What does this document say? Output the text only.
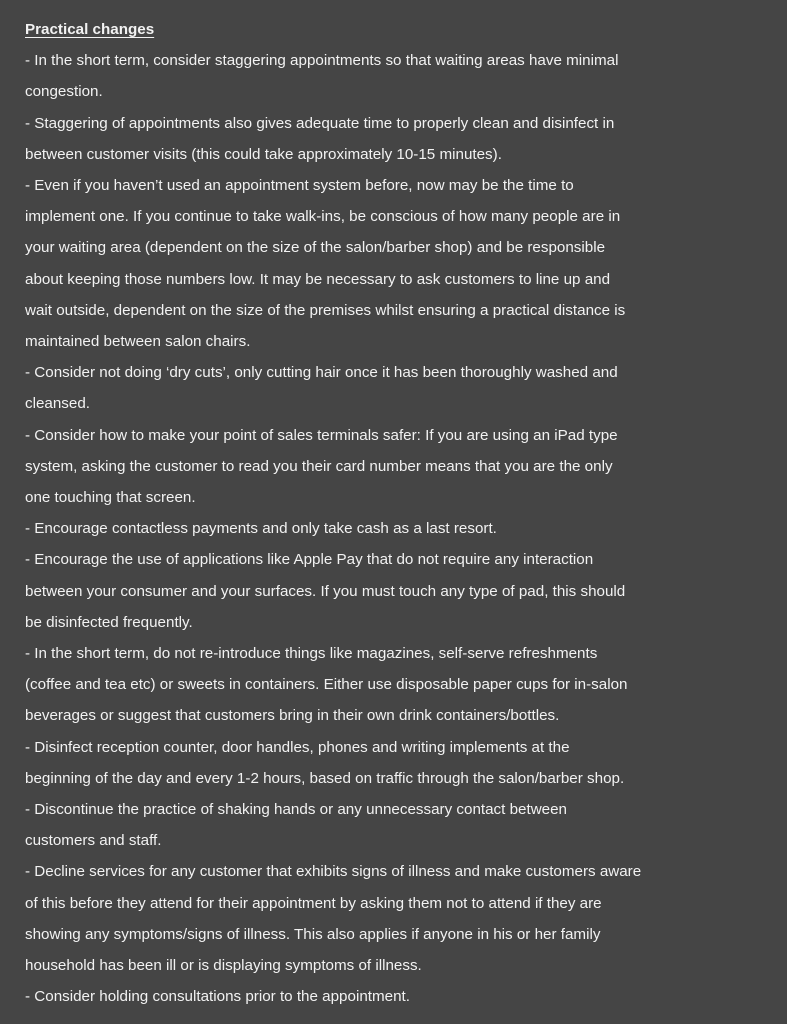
Practical changes
- In the short term, consider staggering appointments so that waiting areas have minimal
congestion.
- Staggering of appointments also gives adequate time to properly clean and disinfect in
between customer visits (this could take approximately 10-15 minutes).
- Even if you haven’t used an appointment system before, now may be the time to
implement one. If you continue to take walk-ins, be conscious of how many people are in
your waiting area (dependent on the size of the salon/barber shop) and be responsible
about keeping those numbers low. It may be necessary to ask customers to line up and
wait outside, dependent on the size of the premises whilst ensuring a practical distance is
maintained between salon chairs.
- Consider not doing ‘dry cuts’, only cutting hair once it has been thoroughly washed and
cleansed.
- Consider how to make your point of sales terminals safer: If you are using an iPad type
system, asking the customer to read you their card number means that you are the only
one touching that screen.
- Encourage contactless payments and only take cash as a last resort.
- Encourage the use of applications like Apple Pay that do not require any interaction
between your consumer and your surfaces. If you must touch any type of pad, this should
be disinfected frequently.
- In the short term, do not re-introduce things like magazines, self-serve refreshments
(coffee and tea etc) or sweets in containers. Either use disposable paper cups for in-salon
beverages or suggest that customers bring in their own drink containers/bottles.
- Disinfect reception counter, door handles, phones and writing implements at the
beginning of the day and every 1-2 hours, based on traffic through the salon/barber shop.
- Discontinue the practice of shaking hands or any unnecessary contact between
customers and staff.
- Decline services for any customer that exhibits signs of illness and make customers aware
of this before they attend for their appointment by asking them not to attend if they are
showing any symptoms/signs of illness. This also applies if anyone in his or her family
household has been ill or is displaying symptoms of illness.
- Consider holding consultations prior to the appointment.
